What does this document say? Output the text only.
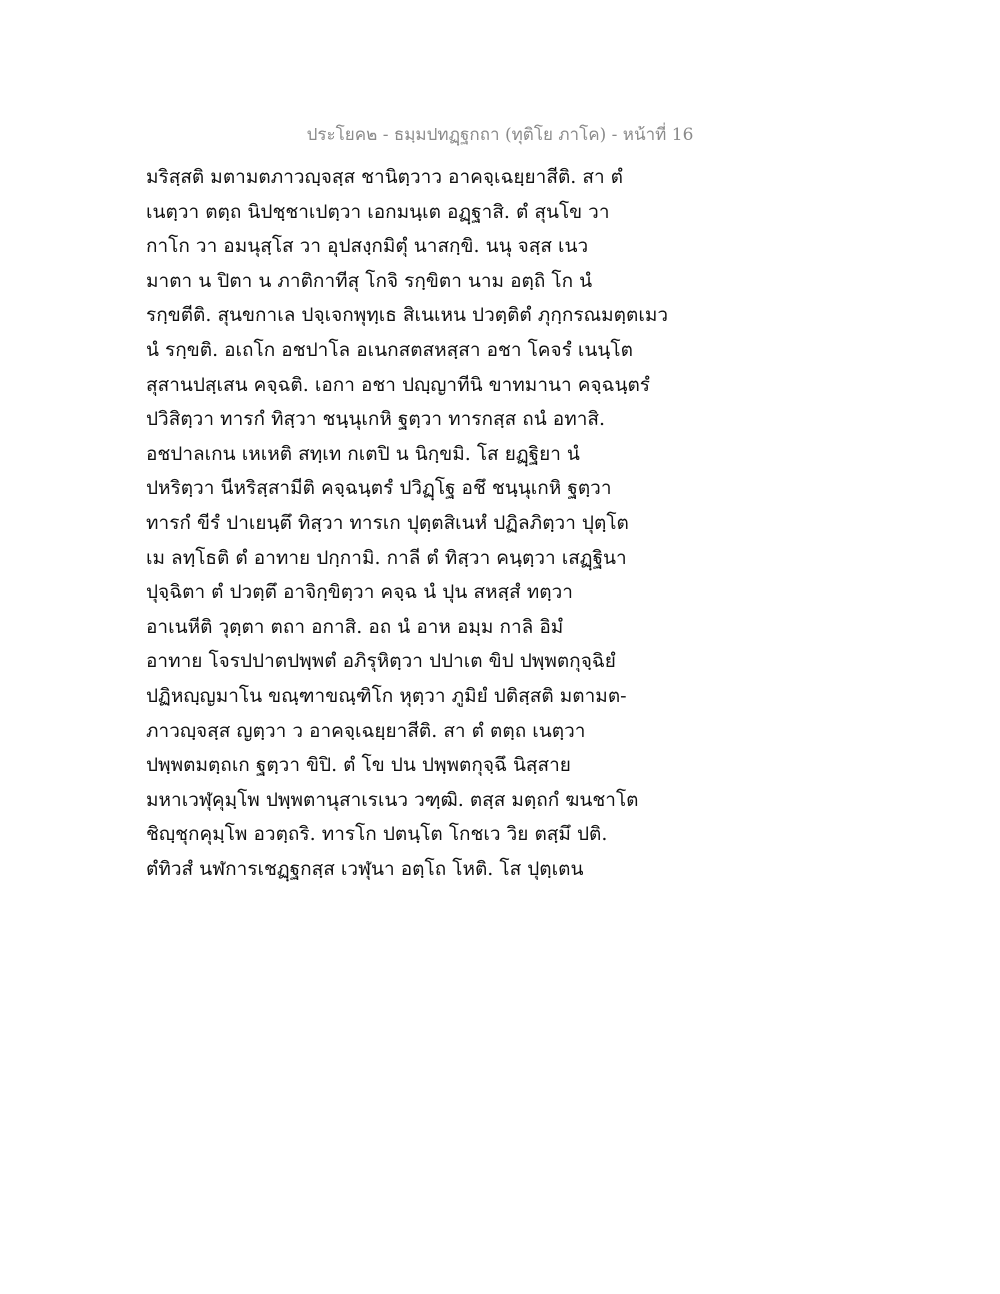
ประโยค๒ - ธมฺมปทฏฺฐกถา (ทุติโย ภาโค) - หน้าที่ 16
มริสฺสติ มตามตภาวญฺจสฺส ชานิตฺวาว อาคจฺเฉยฺยาสีติ. สา ตํ
เนตฺวา ตตฺถ นิปชฺชาเปตฺวา เอกมนฺเต อฏฺฐาสิ. ตํ สุนโข วา
กาโก วา อมนุสฺโส วา อุปสงฺกมิตุํ นาสกฺขิ. นนุ จสฺส เนว
มาตา น ปิตา น ภาติกาทีสุ โกจิ รกฺขิตา นาม อตฺถิ โก นํ
รกฺขตีติ. สุนขกาเล ปจฺเจกพุทฺเธ สิเนเหน ปวตฺติตํ ภุกฺกรณมตฺตเมว
นํ รกฺขติ. อเถโก อชปาโล อเนกสตสหสฺสา อชา โคจรํ เนนฺโต
สุสานปสฺเสน คจฺฉติ. เอกา อชา ปญฺญาทีนิ ขาทมานา คจฺฉนฺตรํ
ปวิสิตฺวา ทารกํ ทิสฺวา ชนฺนุเกหิ ฐตฺวา ทารกสฺส ถนํ อทาสิ.
อชปาลเกน เหเหติ สทฺเท กเตปิ น นิกฺขมิ. โส ยฏฺฐิยา นํ
ปหริตฺวา นีหริสฺสามีติ คจฺฉนฺตรํ ปวิฏฺโฐ อชึ ชนฺนุเกหิ ฐตฺวา
ทารกํ ขีรํ ปาเยนฺตึ ทิสฺวา ทารเก ปุตฺตสิเนหํ ปฏิลภิตฺวา ปุตฺโต
เม ลทฺโธติ ตํ อาทาย ปกฺกามิ. กาลี ตํ ทิสฺวา คนฺตฺวา เสฏฺฐินา
ปุจฺฉิตา ตํ ปวตฺตึ อาจิกฺขิตฺวา คจฺฉ นํ ปุน สหสฺสํ ทตฺวา
อาเนหีติ วุตฺตา ตถา อกาสิ. อถ นํ อาห อมฺม กาลิ อิมํ
อาทาย โจรปปาตปพฺพตํ อภิรุหิตฺวา ปปาเต ขิป ปพฺพตกุจฺฉิยํ
ปฏิหญฺญมาโน ขณฺฑาขณฺฑิโก หุตฺวา ภูมิยํ ปติสฺสติ มตามต-
ภาวญฺจสฺส ญตฺวา ว อาคจฺเฉยฺยาสีติ. สา ตํ ตตฺถ เนตฺวา
ปพฺพตมตฺถเก ฐตฺวา ขิปิ. ตํ โข ปน ปพฺพตกุจฺฉึ นิสฺสาย
มหาเวฬุคุมฺโพ ปพฺพตานุสาเรเนว วฑฺฒิ. ตสฺส มตฺถกํ ฆนชาโต
ชิญฺชุกคุมฺโพ อวตฺถริ. ทารโก ปตนฺโต โกชเว วิย ตสฺมึ ปติ.
ตํทิวสํ นฬการเชฏฺฐกสฺส เวฬุนา อตฺโถ โหติ. โส ปุตฺเตน
